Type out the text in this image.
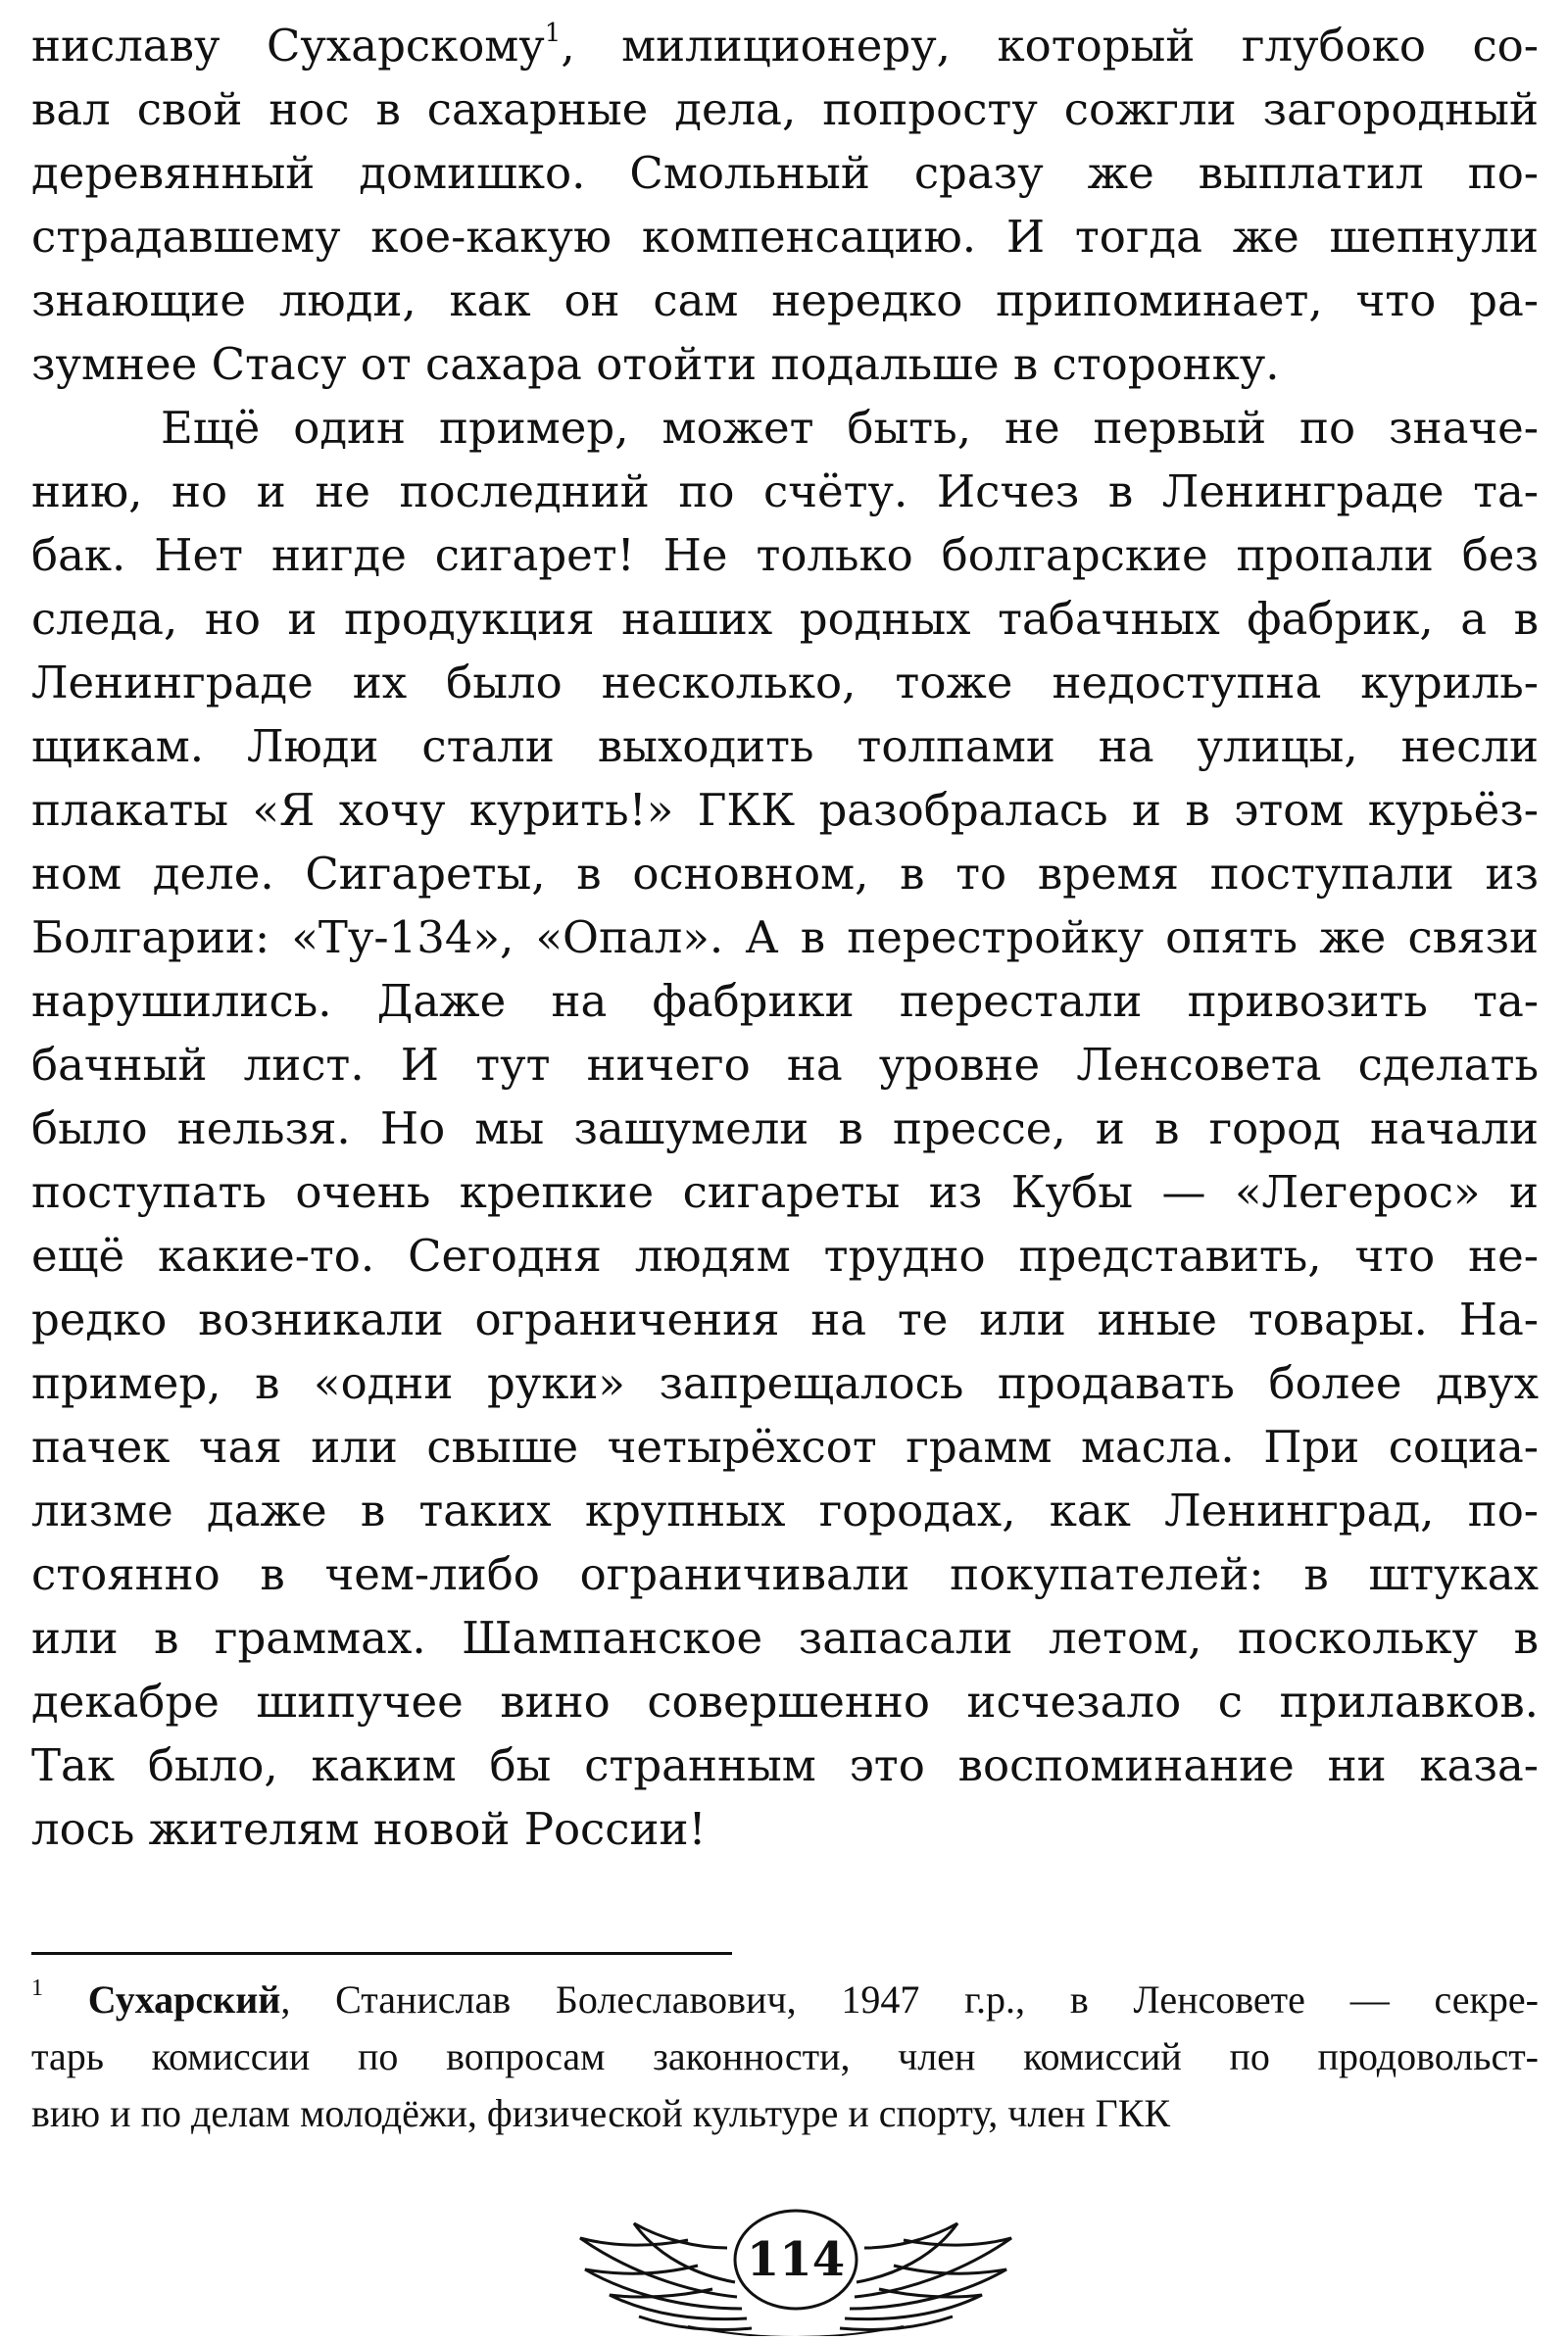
ниславу Сухарскому$^1$, милиционеру, который глубоко со-
вал свой нос в сахарные дела, попросту сожгли загородный
деревянный домишко. Смольный сразу же выплатил по-
страдавшему кое-какую компенсацию. И тогда же шепнули
знающие люди, как он сам нередко припоминает, что ра-
зумнее Стасу от сахара отойти подальше в сторонку.
Ещё один пример, может быть, не первый по значе-
нию, но и не последний по счёту. Исчез в Ленинграде та-
бак. Нет нигде сигарет! Не только болгарские пропали без
следа, но и продукция наших родных табачных фабрик, а в
Ленинграде их было несколько, тоже недоступна куриль-
щикам. Люди стали выходить толпами на улицы, несли
плакаты «Я хочу курить!» ГКК разобралась и в этом курьёз-
ном деле. Сигареты, в основном, в то время поступали из
Болгарии: «Ту-134», «Опал». А в перестройку опять же связи
нарушились. Даже на фабрики перестали привозить та-
бачный лист. И тут ничего на уровне Ленсовета сделать
было нельзя. Но мы зашумели в прессе, и в город начали
поступать очень крепкие сигареты из Кубы — «Легерос» и
ещё какие-то. Сегодня людям трудно представить, что не-
редко возникали ограничения на те или иные товары. На-
пример, в «одни руки» запрещалось продавать более двух
пачек чая или свыше четырёхсот грамм масла. При социа-
лизме даже в таких крупных городах, как Ленинград, по-
стоянно в чем-либо ограничивали покупателей: в штуках
или в граммах. Шампанское запасали летом, поскольку в
декабре шипучее вино совершенно исчезало с прилавков.
Так было, каким бы странным это воспоминание ни каза-
лось жителям новой России!
$^1$ Сухарский, Станислав Болеславович, 1947 г.р., в Ленсовете — секре-
тарь комиссии по вопросам законности, член комиссий по продовольст-
вию и по делам молодёжи, физической культуре и спорту, член ГКК
114
